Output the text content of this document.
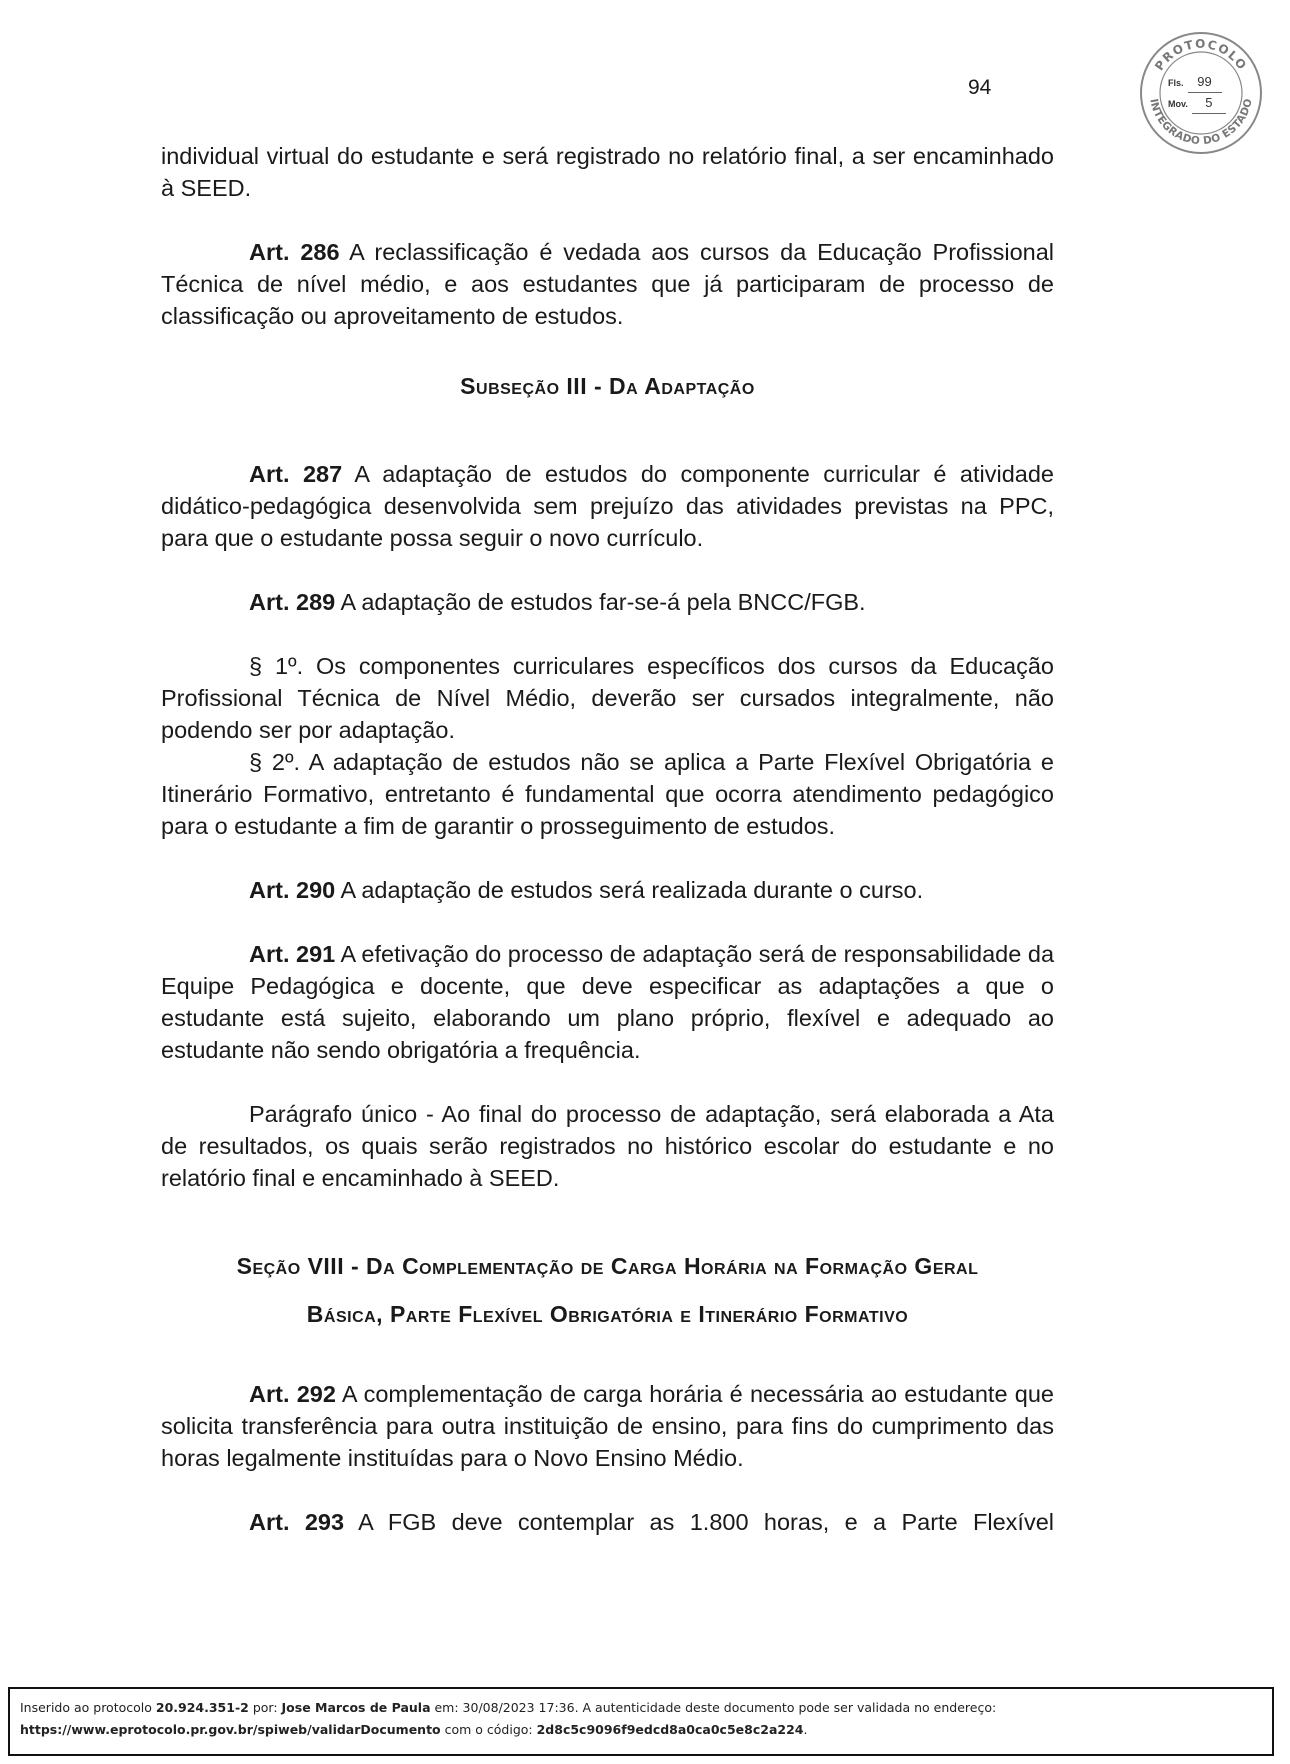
94
PROTOCOLO
INTEGRADO DO ESTADO
Fls.	99
Mov.	5

individual virtual do estudante e será registrado no relatório final, a ser encaminhado à SEED.

Art. 286 A reclassificação é vedada aos cursos da Educação Profissional Técnica de nível médio, e aos estudantes que já participaram de processo de classificação ou aproveitamento de estudos.

Subseção III - Da Adaptação

Art. 287 A adaptação de estudos do componente curricular é atividade didático-pedagógica desenvolvida sem prejuízo das atividades previstas na PPC, para que o estudante possa seguir o novo currículo.

Art. 289 A adaptação de estudos far-se-á pela BNCC/FGB.

§ 1º. Os componentes curriculares específicos dos cursos da Educação Profissional Técnica de Nível Médio, deverão ser cursados integralmente, não podendo ser por adaptação.

§ 2º. A adaptação de estudos não se aplica a Parte Flexível Obrigatória e Itinerário Formativo, entretanto é fundamental que ocorra atendimento pedagógico para o estudante a fim de garantir o prosseguimento de estudos.

Art. 290 A adaptação de estudos será realizada durante o curso.

Art. 291 A efetivação do processo de adaptação será de responsabilidade da Equipe Pedagógica e docente, que deve especificar as adaptações a que o estudante está sujeito, elaborando um plano próprio, flexível e adequado ao estudante não sendo obrigatória a frequência.

Parágrafo único - Ao final do processo de adaptação, será elaborada a Ata de resultados, os quais serão registrados no histórico escolar do estudante e no relatório final e encaminhado à SEED.

Seção VIII - Da Complementação de Carga Horária na Formação Geral
Básica, Parte Flexível Obrigatória e Itinerário Formativo

Art. 292 A complementação de carga horária é necessária ao estudante que solicita transferência para outra instituição de ensino, para fins do cumprimento das horas legalmente instituídas para o Novo Ensino Médio.

Art. 293 A FGB deve contemplar as 1.800 horas, e a Parte Flexível

Inserido ao protocolo 20.924.351-2 por: Jose Marcos de Paula em: 30/08/2023 17:36. A autenticidade deste documento pode ser validada no endereço:
https://www.eprotocolo.pr.gov.br/spiweb/validarDocumento com o código: 2d8c5c9096f9edcd8a0ca0c5e8c2a224.
